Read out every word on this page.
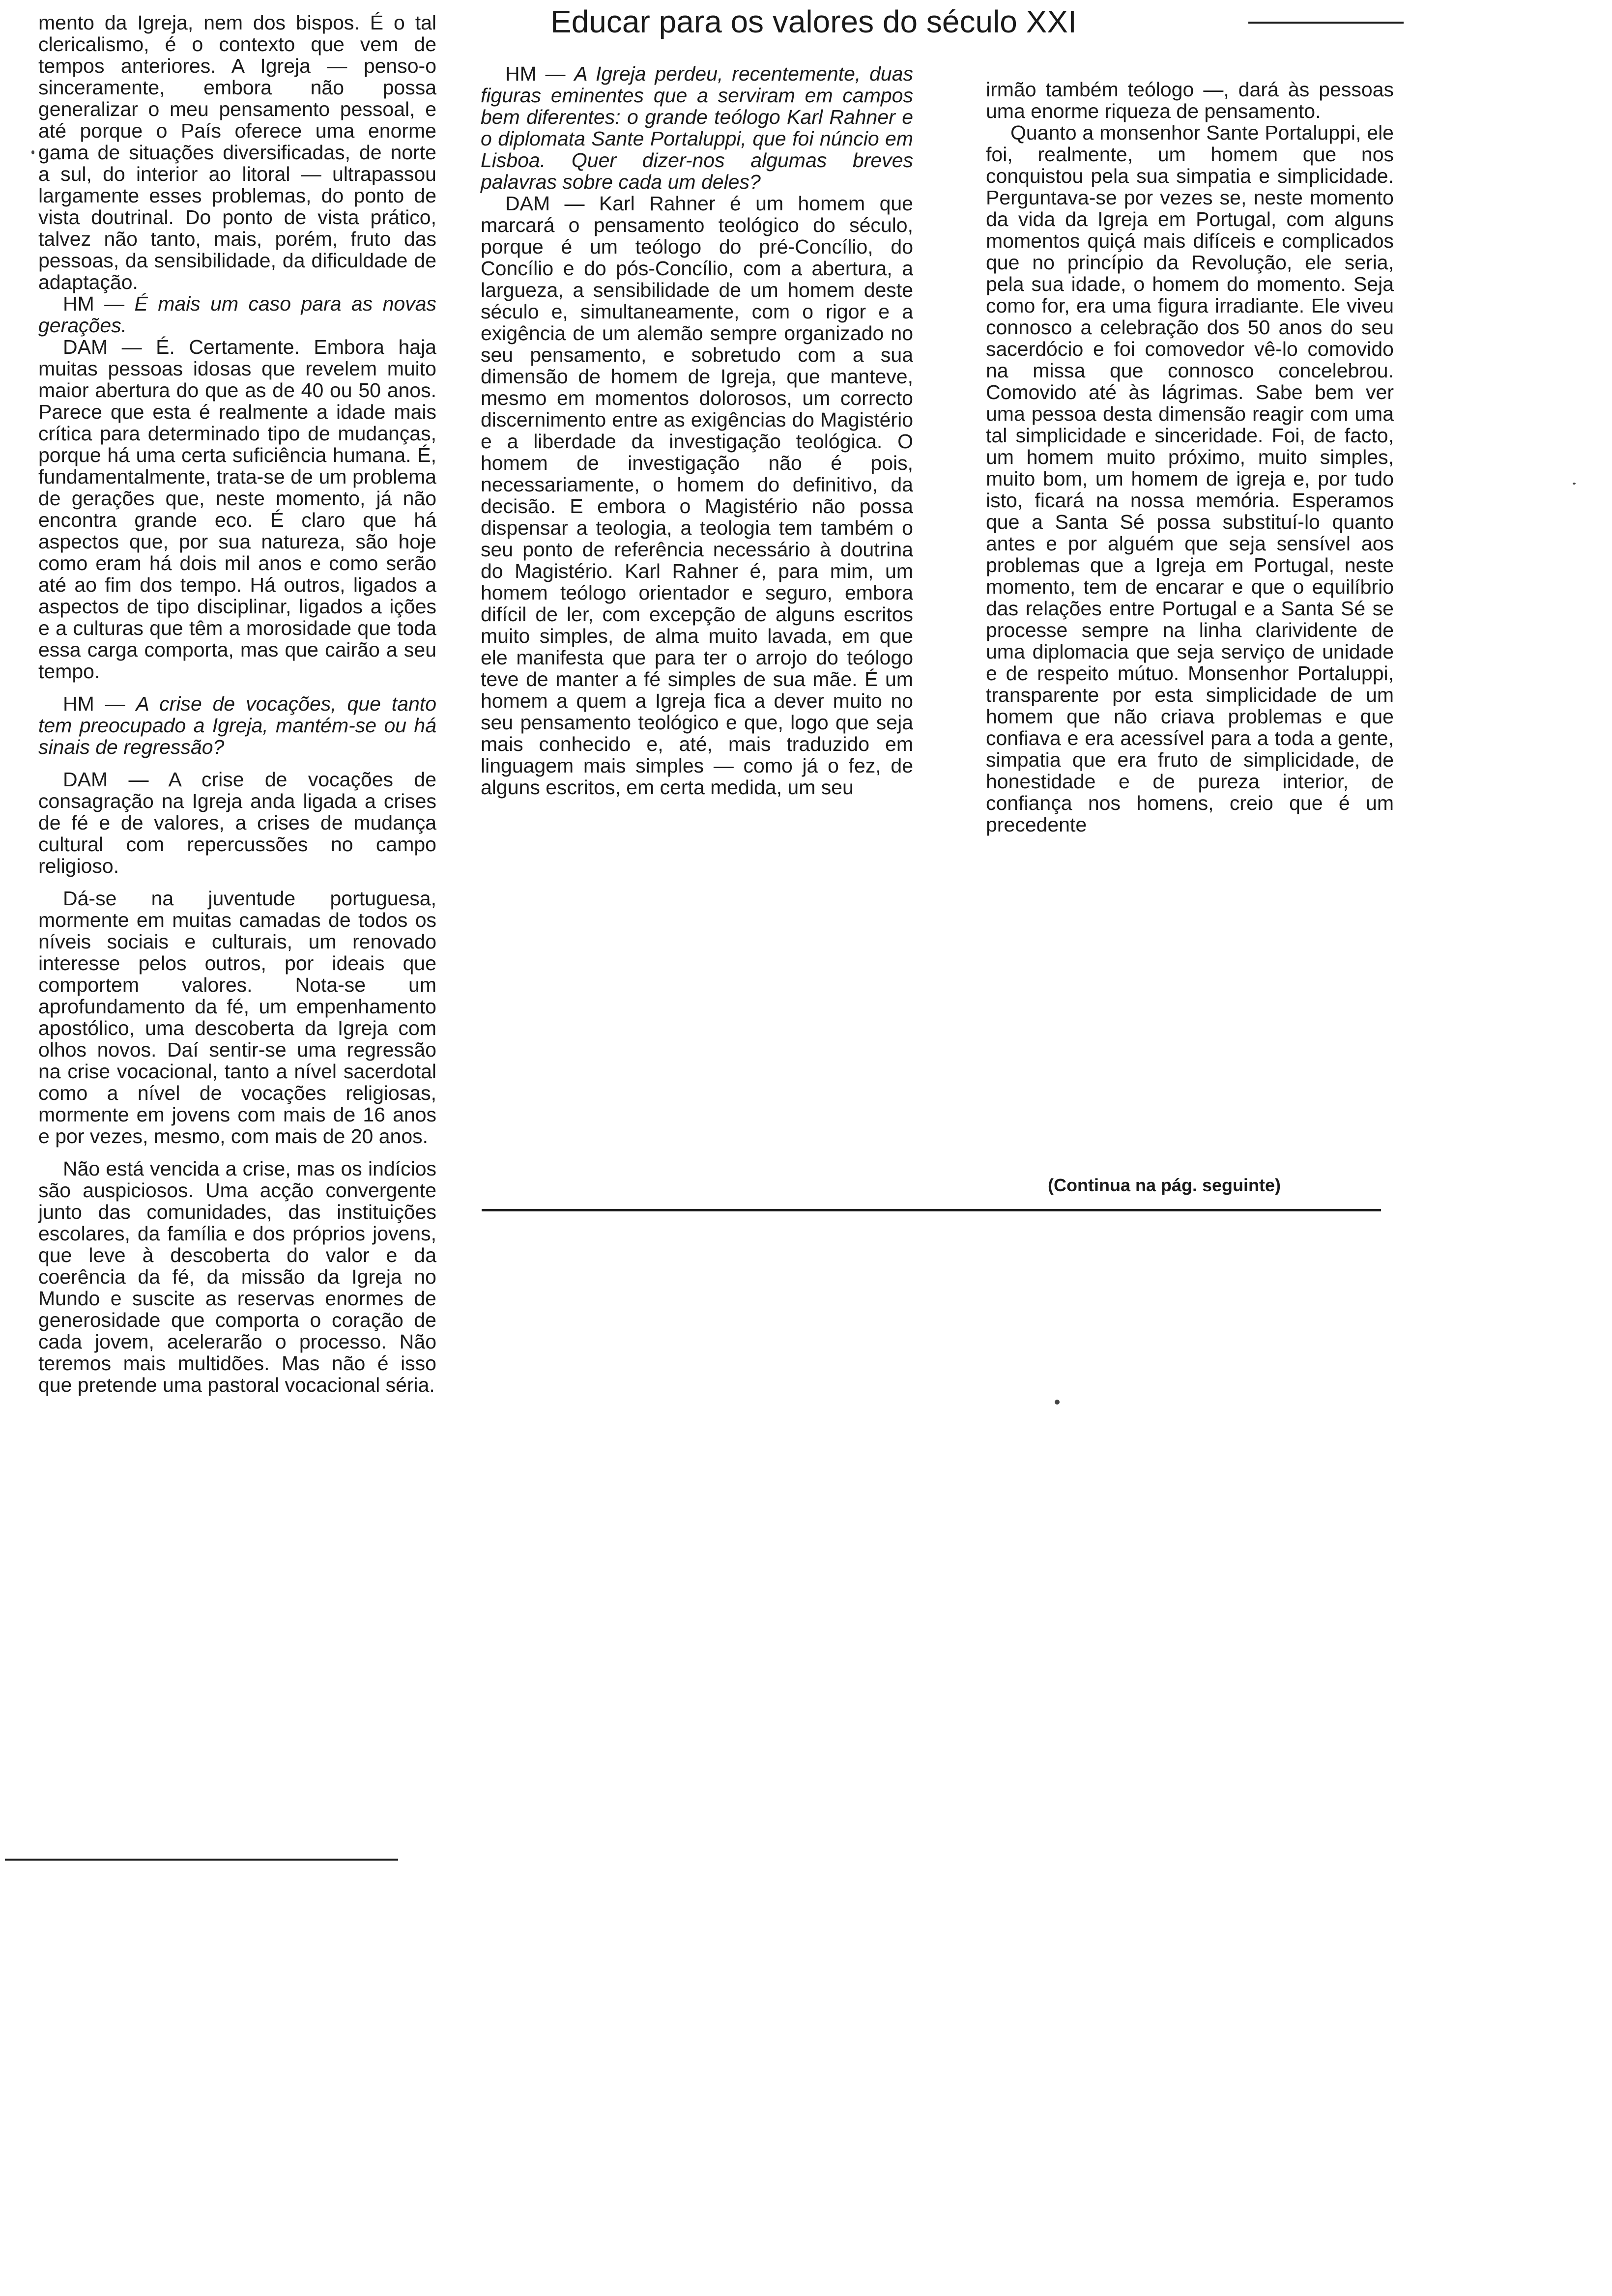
Educar para os valores do século XXI

mento da Igreja, nem dos bispos. É o tal clericalismo, é o contexto que vem de tempos anteriores. A Igreja — penso-o sinceramente, embora não possa generalizar o meu pensamento pessoal, e até porque o País oferece uma enorme gama de situações diversificadas, de norte a sul, do interior ao litoral — ultrapassou largamente esses problemas, do ponto de vista doutrinal. Do ponto de vista prático, talvez não tanto, mais, porém, fruto das pessoas, da sensibilidade, da dificuldade de adaptação.

HM — É mais um caso para as novas gerações.

DAM — É. Certamente. Embora haja muitas pessoas idosas que revelem muito maior abertura do que as de 40 ou 50 anos. Parece que esta é realmente a idade mais crítica para determinado tipo de mudanças, porque há uma certa suficiência humana. É, fundamentalmente, trata-se de um problema de gerações que, neste momento, já não encontra grande eco. É claro que há aspectos que, por sua natureza, são hoje como eram há dois mil anos e como serão até ao fim dos tempo. Há outros, ligados a aspectos de tipo disciplinar, ligados a ições e a culturas que têm a morosidade que toda essa carga comporta, mas que cairão a seu tempo.

HM — A crise de vocações, que tanto tem preocupado a Igreja, mantém-se ou há sinais de regressão?

DAM — A crise de vocações de consagração na Igreja anda ligada a crises de fé e de valores, a crises de mudança cultural com repercussões no campo religioso.

Dá-se na juventude portuguesa, mormente em muitas camadas de todos os níveis sociais e culturais, um renovado interesse pelos outros, por ideais que comportem valores. Nota-se um aprofundamento da fé, um empenhamento apostólico, uma descoberta da Igreja com olhos novos. Daí sentir-se uma regressão na crise vocacional, tanto a nível sacerdotal como a nível de vocações religiosas, mormente em jovens com mais de 16 anos e por vezes, mesmo, com mais de 20 anos.

Não está vencida a crise, mas os indícios são auspiciosos. Uma acção convergente junto das comunidades, das instituições escolares, da família e dos próprios jovens, que leve à descoberta do valor e da coerência da fé, da missão da Igreja no Mundo e suscite as reservas enormes de generosidade que comporta o coração de cada jovem, acelerarão o processo. Não teremos mais multidões. Mas não é isso que pretende uma pastoral vocacional séria.

HM — A Igreja perdeu, recentemente, duas figuras eminentes que a serviram em campos bem diferentes: o grande teólogo Karl Rahner e o diplomata Sante Portaluppi, que foi núncio em Lisboa. Quer dizer-nos algumas breves palavras sobre cada um deles?

DAM — Karl Rahner é um homem que marcará o pensamento teológico do século, porque é um teólogo do pré-Concílio, do Concílio e do pós-Concílio, com a abertura, a largueza, a sensibilidade de um homem deste século e, simultaneamente, com o rigor e a exigência de um alemão sempre organizado no seu pensamento, e sobretudo com a sua dimensão de homem de Igreja, que manteve, mesmo em momentos dolorosos, um correcto discernimento entre as exigências do Magistério e a liberdade da investigação teológica. O homem de investigação não é pois, necessariamente, o homem do definitivo, da decisão. E embora o Magistério não possa dispensar a teologia, a teologia tem também o seu ponto de referência necessário à doutrina do Magistério. Karl Rahner é, para mim, um homem teólogo orientador e seguro, embora difícil de ler, com excepção de alguns escritos muito simples, de alma muito lavada, em que ele manifesta que para ter o arrojo do teólogo teve de manter a fé simples de sua mãe. É um homem a quem a Igreja fica a dever muito no seu pensamento teológico e que, logo que seja mais conhecido e, até, mais traduzido em linguagem mais simples — como já o fez, de alguns escritos, em certa medida, um seu

irmão também teólogo —, dará às pessoas uma enorme riqueza de pensamento.

Quanto a monsenhor Sante Portaluppi, ele foi, realmente, um homem que nos conquistou pela sua simpatia e simplicidade. Perguntava-se por vezes se, neste momento da vida da Igreja em Portugal, com alguns momentos quiçá mais difíceis e complicados que no princípio da Revolução, ele seria, pela sua idade, o homem do momento. Seja como for, era uma figura irradiante. Ele viveu connosco a celebração dos 50 anos do seu sacerdócio e foi comovedor vê-lo comovido na missa que connosco concelebrou. Comovido até às lágrimas. Sabe bem ver uma pessoa desta dimensão reagir com uma tal simplicidade e sinceridade. Foi, de facto, um homem muito próximo, muito simples, muito bom, um homem de igreja e, por tudo isto, ficará na nossa memória. Esperamos que a Santa Sé possa substituí-lo quanto antes e por alguém que seja sensível aos problemas que a Igreja em Portugal, neste momento, tem de encarar e que o equilíbrio das relações entre Portugal e a Santa Sé se processe sempre na linha clarividente de uma diplomacia que seja serviço de unidade e de respeito mútuo. Monsenhor Portaluppi, transparente por esta simplicidade de um homem que não criava problemas e que confiava e era acessível para a toda a gente, simpatia que era fruto de simplicidade, de honestidade e de pureza interior, de confiança nos homens, creio que é um precedente

(Continua na pág. seguinte)
